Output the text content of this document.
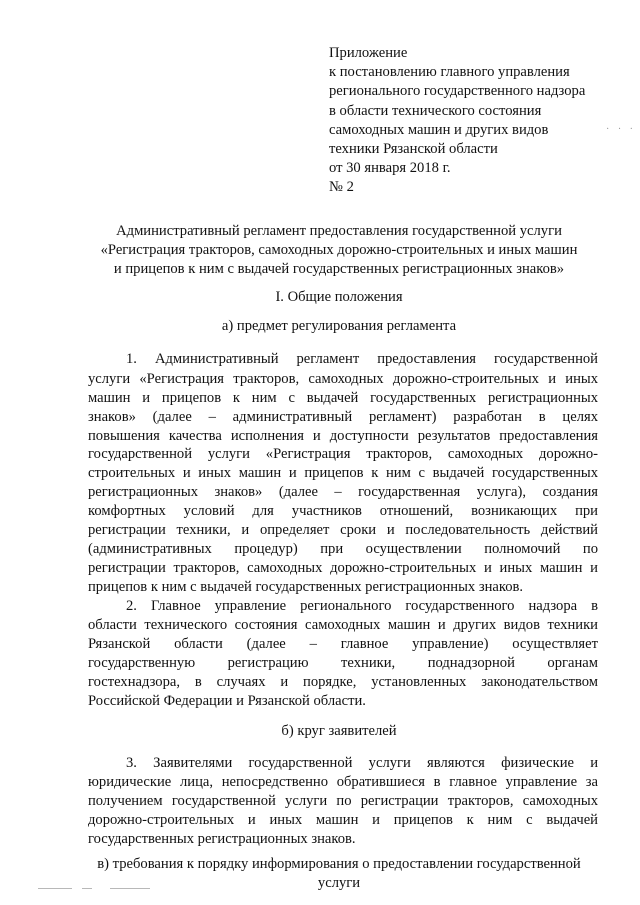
Приложение
к постановлению главного управления
регионального государственного надзора
в области технического состояния
самоходных машин и других видов
техники Рязанской области
от 30 января 2018 г.
№ 2
· · ·
Административный регламент предоставления государственной услуги
«Регистрация тракторов, самоходных дорожно-строительных и иных машин
и прицепов к ним с выдачей государственных регистрационных знаков»
I. Общие положения
а) предмет регулирования регламента
1. Административный регламент предоставления государственной
услуги «Регистрация тракторов, самоходных дорожно-строительных и иных
машин и прицепов к ним с выдачей государственных регистрационных
знаков» (далее – административный регламент) разработан в целях
повышения качества исполнения и доступности результатов предоставления
государственной услуги «Регистрация тракторов, самоходных дорожно-
строительных и иных машин и прицепов к ним с выдачей государственных
регистрационных знаков» (далее – государственная услуга), создания
комфортных условий для участников отношений, возникающих при
регистрации техники, и определяет сроки и последовательность действий
(административных процедур) при осуществлении полномочий по
регистрации тракторов, самоходных дорожно-строительных и иных машин и
прицепов к ним с выдачей государственных регистрационных знаков.
2. Главное управление регионального государственного надзора в
области технического состояния самоходных машин и других видов техники
Рязанской области (далее – главное управление) осуществляет
государственную регистрацию техники, поднадзорной органам
гостехнадзора, в случаях и порядке, установленных законодательством
Российской Федерации и Рязанской области.
б) круг заявителей
3. Заявителями государственной услуги являются физические и
юридические лица, непосредственно обратившиеся в главное управление за
получением государственной услуги по регистрации тракторов, самоходных
дорожно-строительных и иных машин и прицепов к ним с выдачей
государственных регистрационных знаков.
в) требования к порядку информирования о предоставлении государственной
услуги
